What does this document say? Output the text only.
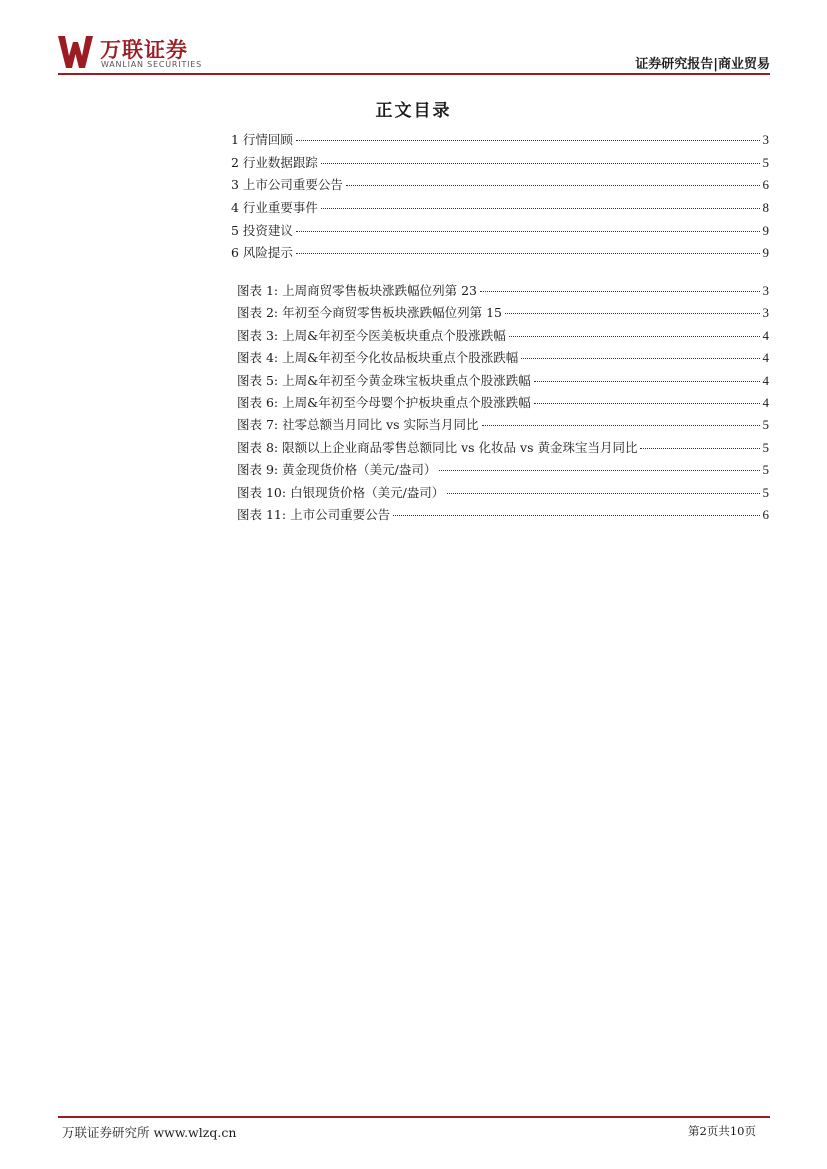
万联证券
WANLIAN SECURITIES	证券研究报告|商业贸易
正文目录
1 行情回顾	3
2 行业数据跟踪	5
3 上市公司重要公告	6
4 行业重要事件	8
5 投资建议	9
6 风险提示	9
图表 1: 上周商贸零售板块涨跌幅位列第 23	3
图表 2: 年初至今商贸零售板块涨跌幅位列第 15	3
图表 3: 上周&年初至今医美板块重点个股涨跌幅	4
图表 4: 上周&年初至今化妆品板块重点个股涨跌幅	4
图表 5: 上周&年初至今黄金珠宝板块重点个股涨跌幅	4
图表 6: 上周&年初至今母婴个护板块重点个股涨跌幅	4
图表 7: 社零总额当月同比 vs 实际当月同比	5
图表 8: 限额以上企业商品零售总额同比 vs 化妆品 vs 黄金珠宝当月同比	5
图表 9: 黄金现货价格（美元/盎司）	5
图表 10: 白银现货价格（美元/盎司）	5
图表 11: 上市公司重要公告	6
万联证券研究所 www.wlzq.cn	第2页共10页
